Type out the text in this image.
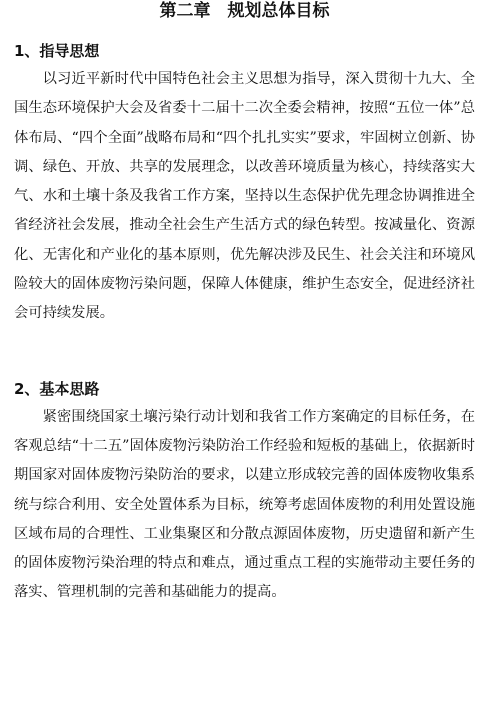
第二章　规划总体目标
1、指导思想

以习近平新时代中国特色社会主义思想为指导，深入贯彻十九大、全国生态环境保护大会及省委十二届十二次全委会精神，按照“五位一体”总体布局、“四个全面”战略布局和“四个扎扎实实”要求，牢固树立创新、协调、绿色、开放、共享的发展理念，以改善环境质量为核心，持续落实大气、水和土壤十条及我省工作方案，坚持以生态保护优先理念协调推进全省经济社会发展，推动全社会生产生活方式的绿色转型。按减量化、资源化、无害化和产业化的基本原则，优先解决涉及民生、社会关注和环境风险较大的固体废物污染问题，保障人体健康，维护生态安全，促进经济社会可持续发展。

2、基本思路

紧密围绕国家土壤污染行动计划和我省工作方案确定的目标任务，在客观总结“十二五”固体废物污染防治工作经验和短板的基础上，依据新时期国家对固体废物污染防治的要求，以建立形成较完善的固体废物收集系统与综合利用、安全处置体系为目标，统筹考虑固体废物的利用处置设施区域布局的合理性、工业集聚区和分散点源固体废物，历史遗留和新产生的固体废物污染治理的特点和难点，通过重点工程的实施带动主要任务的落实、管理机制的完善和基础能力的提高。
